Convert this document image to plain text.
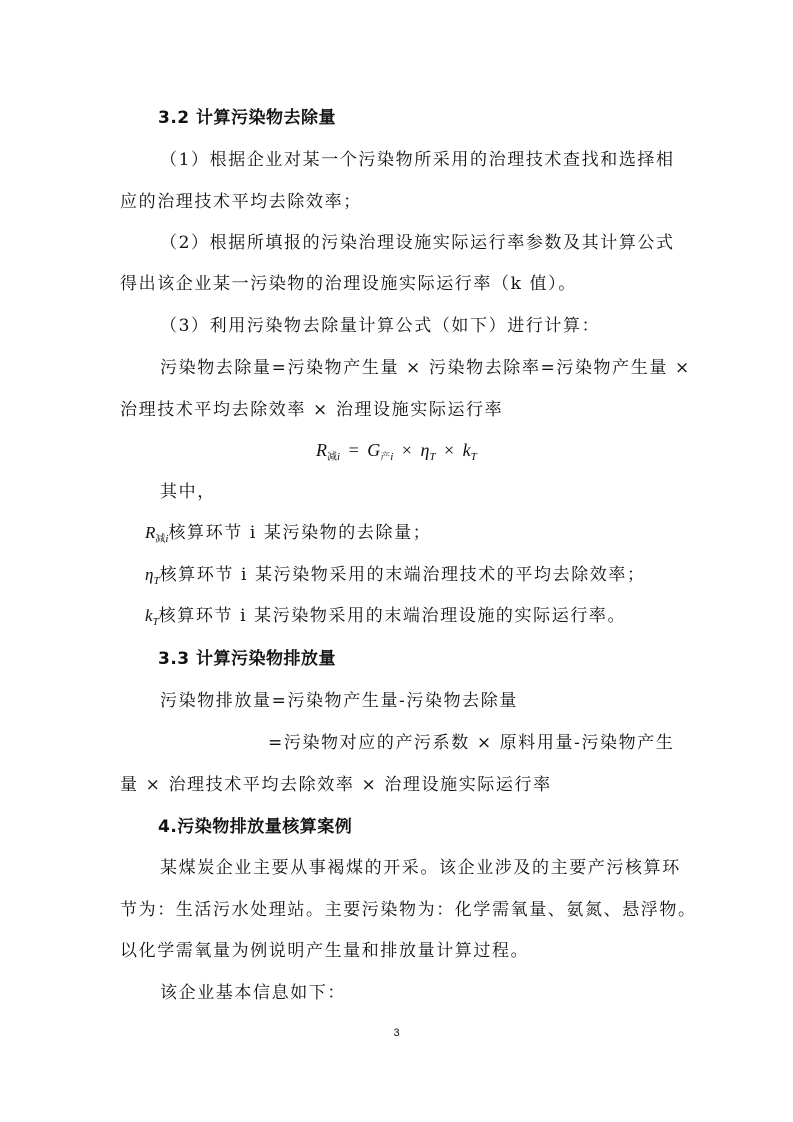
3.2 计算污染物去除量
（1）根据企业对某一个污染物所采用的治理技术查找和选择相
应的治理技术平均去除效率；
（2）根据所填报的污染治理设施实际运行率参数及其计算公式
得出该企业某一污染物的治理设施实际运行率（k 值）。
（3）利用污染物去除量计算公式（如下）进行计算：
污染物去除量=污染物产生量 × 污染物去除率=污染物产生量 ×
治理技术平均去除效率 × 治理设施实际运行率
$R_{减i} = G_{产i} \times \eta_T \times k_T$
其中，
$R_{减i}$核算环节 i 某污染物的去除量；
$\eta_T$核算环节 i 某污染物采用的末端治理技术的平均去除效率；
$k_T$核算环节 i 某污染物采用的末端治理设施的实际运行率。
3.3 计算污染物排放量
污染物排放量=污染物产生量-污染物去除量
=污染物对应的产污系数 × 原料用量-污染物产生
量 × 治理技术平均去除效率 × 治理设施实际运行率
4.污染物排放量核算案例
某煤炭企业主要从事褐煤的开采。该企业涉及的主要产污核算环
节为：生活污水处理站。主要污染物为：化学需氧量、氨氮、悬浮物。
以化学需氧量为例说明产生量和排放量计算过程。
该企业基本信息如下：
3
